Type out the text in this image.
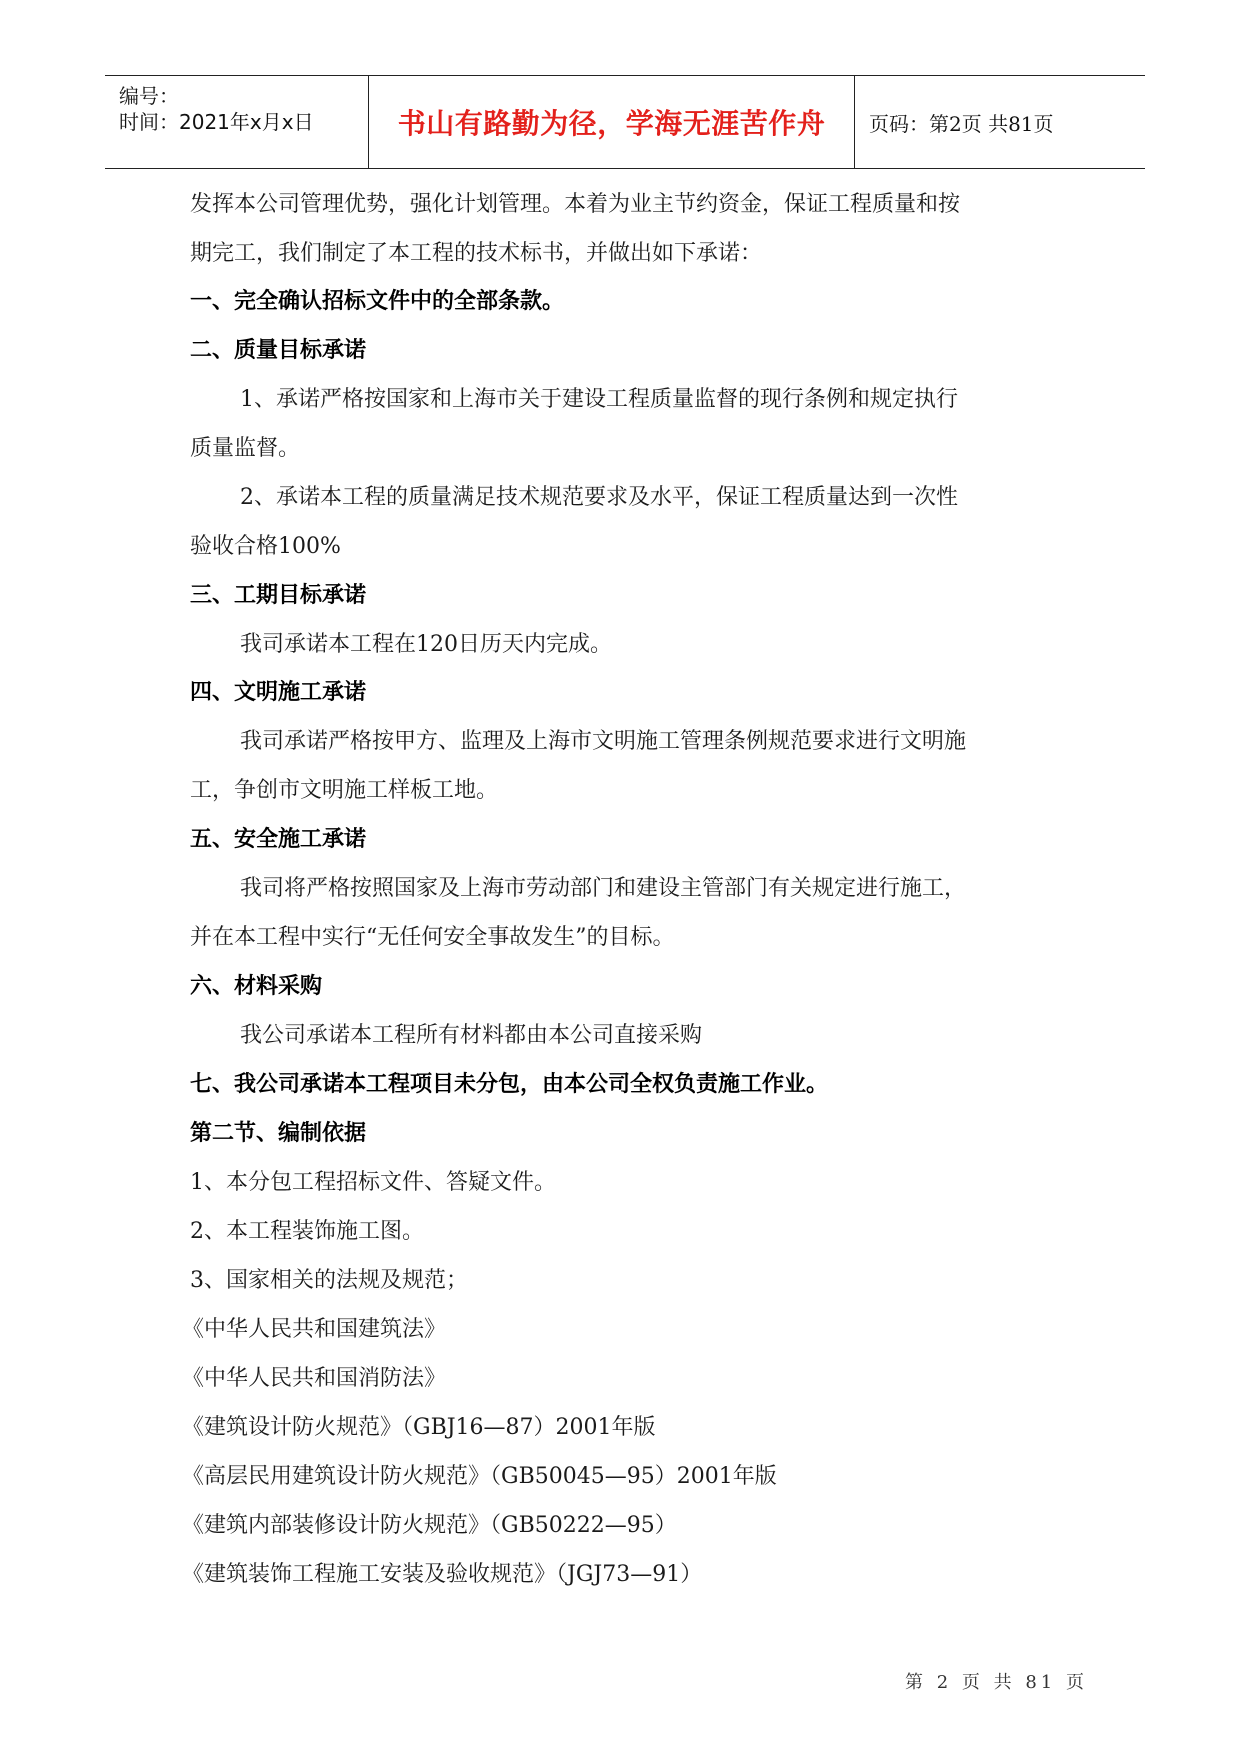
编号：
时间：2021年x月x日	书山有路勤为径，学海无涯苦作舟 页码：第2页 共81页
发挥本公司管理优势，强化计划管理。本着为业主节约资金，保证工程质量和按
期完工，我们制定了本工程的技术标书，并做出如下承诺：
一、完全确认招标文件中的全部条款。
二、质量目标承诺
1、承诺严格按国家和上海市关于建设工程质量监督的现行条例和规定执行
质量监督。
2、承诺本工程的质量满足技术规范要求及水平，保证工程质量达到一次性
验收合格100%
三、工期目标承诺
我司承诺本工程在120日历天内完成。
四、文明施工承诺
我司承诺严格按甲方、监理及上海市文明施工管理条例规范要求进行文明施
工，争创市文明施工样板工地。
五、安全施工承诺
我司将严格按照国家及上海市劳动部门和建设主管部门有关规定进行施工，
并在本工程中实行“无任何安全事故发生”的目标。
六、材料采购
我公司承诺本工程所有材料都由本公司直接采购
七、我公司承诺本工程项目未分包，由本公司全权负责施工作业。
第二节、编制依据
1、本分包工程招标文件、答疑文件。
2、本工程装饰施工图。
3、国家相关的法规及规范；
《中华人民共和国建筑法》
《中华人民共和国消防法》
《建筑设计防火规范》（GBJ16—87）2001年版
《高层民用建筑设计防火规范》（GB50045—95）2001年版
《建筑内部装修设计防火规范》（GB50222—95）
《建筑装饰工程施工安装及验收规范》（JGJ73—91）
第 2 页 共 81 页
